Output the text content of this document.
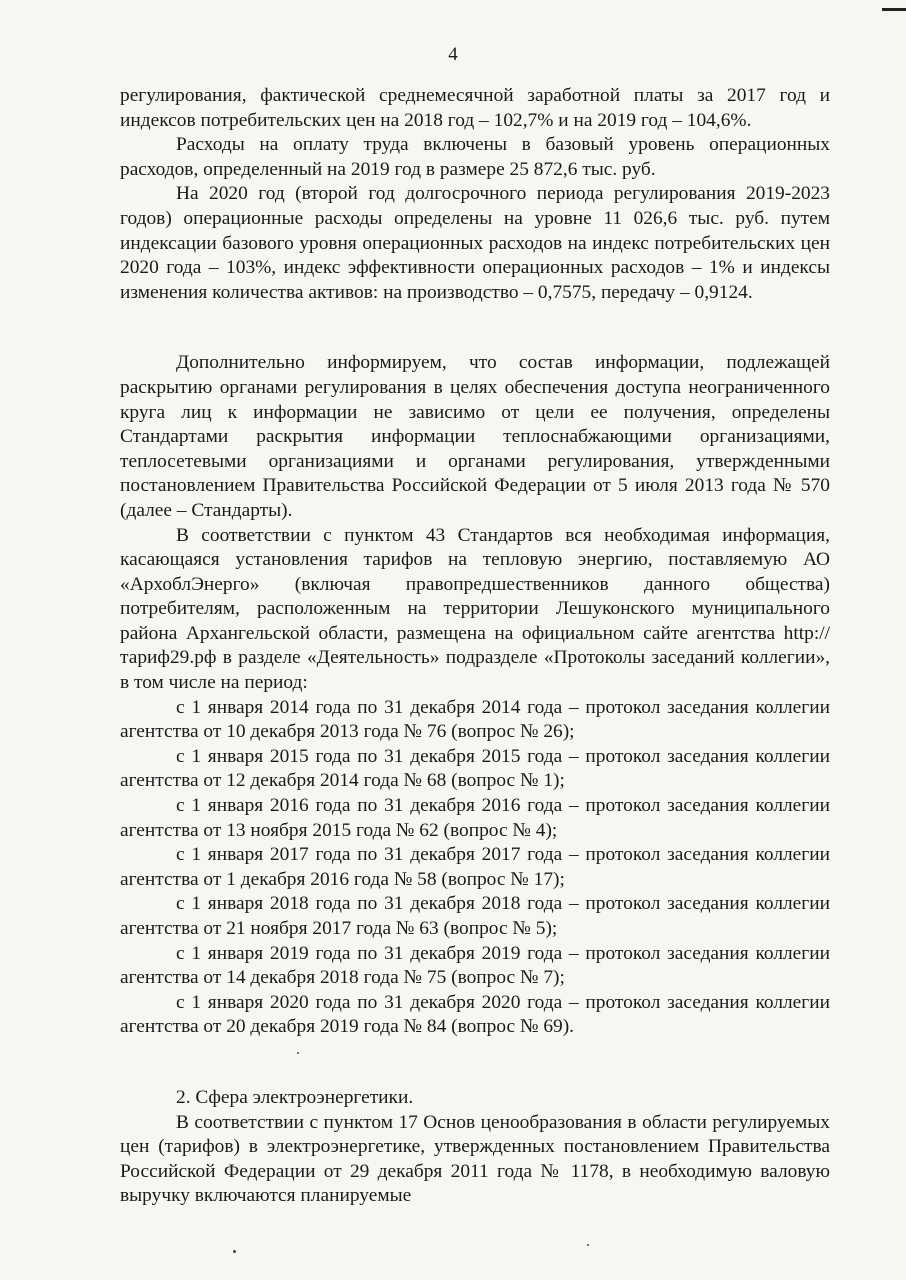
4

регулирования, фактической среднемесячной заработной платы за 2017 год и индексов потребительских цен на 2018 год – 102,7% и на 2019 год – 104,6%.

Расходы на оплату труда включены в базовый уровень операционных расходов, определенный на 2019 год в размере 25 872,6 тыс. руб.

На 2020 год (второй год долгосрочного периода регулирования 2019-2023 годов) операционные расходы определены на уровне 11 026,6 тыс. руб. путем индексации базового уровня операционных расходов на индекс потребительских цен 2020 года – 103%, индекс эффективности операционных расходов – 1% и индексы изменения количества активов: на производство – 0,7575, передачу – 0,9124.

Дополнительно информируем, что состав информации, подлежащей раскрытию органами регулирования в целях обеспечения доступа неограниченного круга лиц к информации не зависимо от цели ее получения, определены Стандартами раскрытия информации теплоснабжающими организациями, теплосетевыми организациями и органами регулирования, утвержденными постановлением Правительства Российской Федерации от 5 июля 2013 года № 570 (далее – Стандарты).

В соответствии с пунктом 43 Стандартов вся необходимая информация, касающаяся установления тарифов на тепловую энергию, поставляемую АО «АрхоблЭнерго» (включая правопредшественников данного общества) потребителям, расположенным на территории Лешуконского муниципального района Архангельской области, размещена на официальном сайте агентства http://тариф29.рф в разделе «Деятельность» подразделе «Протоколы заседаний коллегии», в том числе на период:

с 1 января 2014 года по 31 декабря 2014 года – протокол заседания коллегии агентства от 10 декабря 2013 года № 76 (вопрос № 26);

с 1 января 2015 года по 31 декабря 2015 года – протокол заседания коллегии агентства от 12 декабря 2014 года № 68 (вопрос № 1);

с 1 января 2016 года по 31 декабря 2016 года – протокол заседания коллегии агентства от 13 ноября 2015 года № 62 (вопрос № 4);

с 1 января 2017 года по 31 декабря 2017 года – протокол заседания коллегии агентства от 1 декабря 2016 года № 58 (вопрос № 17);

с 1 января 2018 года по 31 декабря 2018 года – протокол заседания коллегии агентства от 21 ноября 2017 года № 63 (вопрос № 5);

с 1 января 2019 года по 31 декабря 2019 года – протокол заседания коллегии агентства от 14 декабря 2018 года № 75 (вопрос № 7);

с 1 января 2020 года по 31 декабря 2020 года – протокол заседания коллегии агентства от 20 декабря 2019 года № 84 (вопрос № 69).

2. Сфера электроэнергетики.

В соответствии с пунктом 17 Основ ценообразования в области регулируемых цен (тарифов) в электроэнергетике, утвержденных постановлением Правительства Российской Федерации от 29 декабря 2011 года № 1178, в необходимую валовую выручку включаются планируемые
